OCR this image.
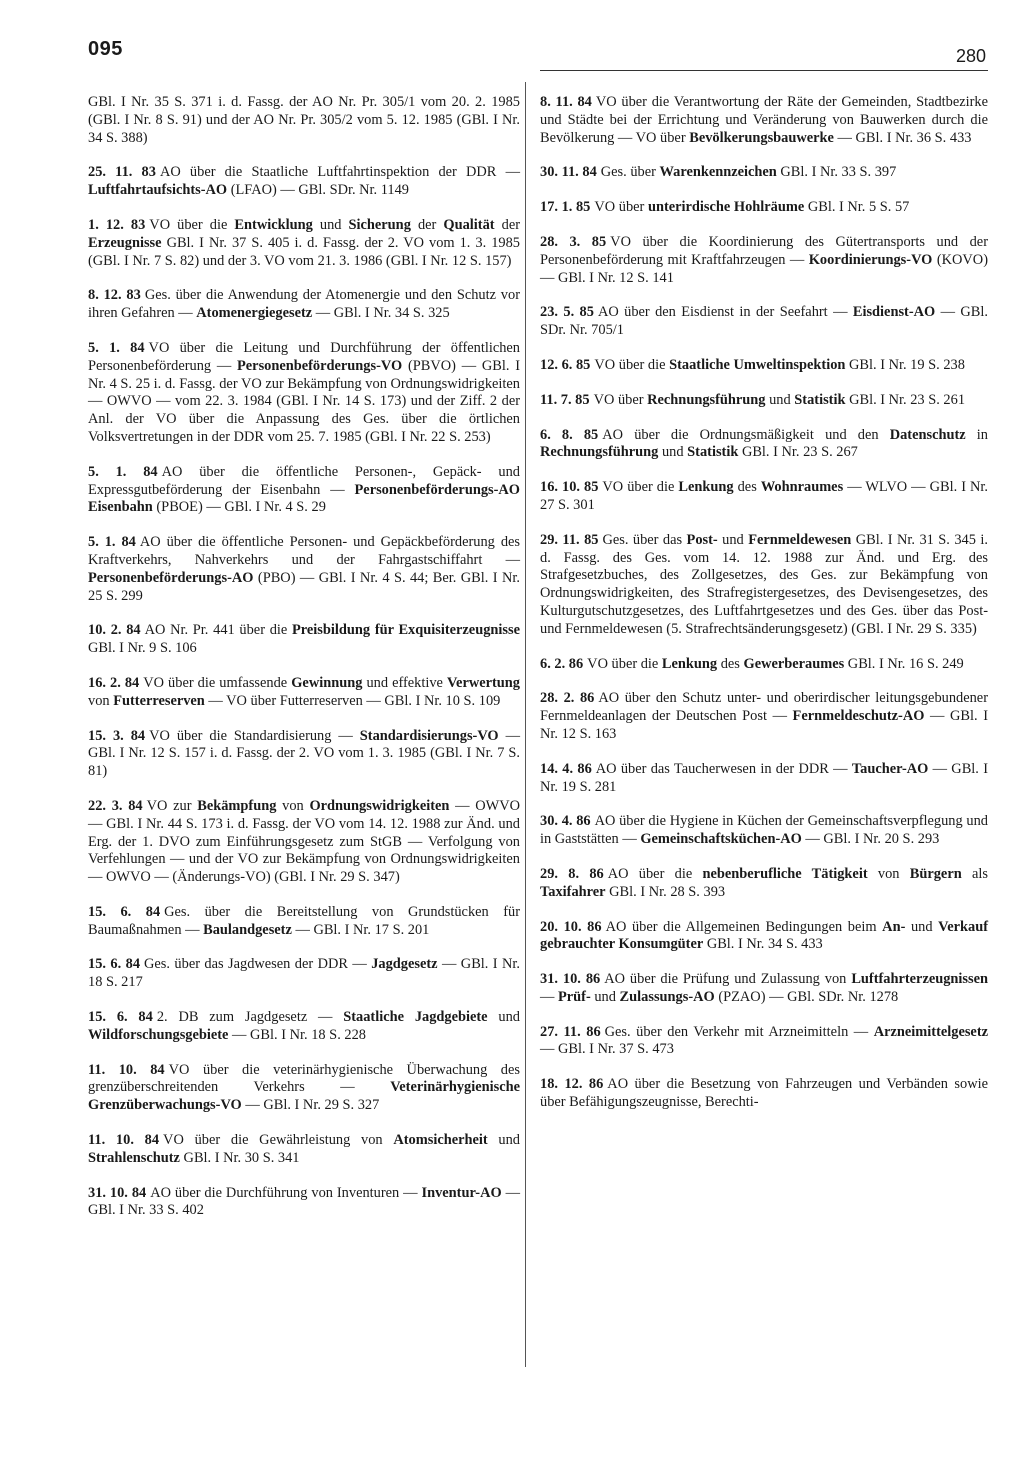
095	280

GBl. I Nr. 35 S. 371 i. d. Fassg. der AO Nr. Pr. 305/1 vom 20. 2. 1985 (GBl. I Nr. 8 S. 91) und der AO Nr. Pr. 305/2 vom 5. 12. 1985 (GBl. I Nr. 34 S. 388)

25. 11. 83 AO über die Staatliche Luftfahrtinspektion der DDR — Luftfahrtaufsichts-AO (LFAO) — GBl. SDr. Nr. 1149

1. 12. 83 VO über die Entwicklung und Sicherung der Qualität der Erzeugnisse GBl. I Nr. 37 S. 405 i. d. Fassg. der 2. VO vom 1. 3. 1985 (GBl. I Nr. 7 S. 82) und der 3. VO vom 21. 3. 1986 (GBl. I Nr. 12 S. 157)

8. 12. 83 Ges. über die Anwendung der Atomenergie und den Schutz vor ihren Gefahren — Atomenergiegesetz — GBl. I Nr. 34 S. 325

5. 1. 84 VO über die Leitung und Durchführung der öffentlichen Personenbeförderung — Personenbeförderungs-VO (PBVO) — GBl. I Nr. 4 S. 25 i. d. Fassg. der VO zur Bekämpfung von Ordnungswidrigkeiten — OWVO — vom 22. 3. 1984 (GBl. I Nr. 14 S. 173) und der Ziff. 2 der Anl. der VO über die Anpassung des Ges. über die örtlichen Volksvertretungen in der DDR vom 25. 7. 1985 (GBl. I Nr. 22 S. 253)

5. 1. 84 AO über die öffentliche Personen-, Gepäck- und Expressgutbeförderung der Eisenbahn — Personenbeförderungs-AO Eisenbahn (PBOE) — GBl. I Nr. 4 S. 29

5. 1. 84 AO über die öffentliche Personen- und Gepäckbeförderung des Kraftverkehrs, Nahverkehrs und der Fahrgastschiffahrt — Personenbeförderungs-AO (PBO) — GBl. I Nr. 4 S. 44; Ber. GBl. I Nr. 25 S. 299

10. 2. 84 AO Nr. Pr. 441 über die Preisbildung für Exquisiterzeugnisse GBl. I Nr. 9 S. 106

16. 2. 84 VO über die umfassende Gewinnung und effektive Verwertung von Futterreserven — VO über Futterreserven — GBl. I Nr. 10 S. 109

15. 3. 84 VO über die Standardisierung — Standardisierungs-VO — GBl. I Nr. 12 S. 157 i. d. Fassg. der 2. VO vom 1. 3. 1985 (GBl. I Nr. 7 S. 81)

22. 3. 84 VO zur Bekämpfung von Ordnungswidrigkeiten — OWVO — GBl. I Nr. 44 S. 173 i. d. Fassg. der VO vom 14. 12. 1988 zur Änd. und Erg. der 1. DVO zum Einführungsgesetz zum StGB — Verfolgung von Verfehlungen — und der VO zur Bekämpfung von Ordnungswidrigkeiten — OWVO — (Änderungs-VO) (GBl. I Nr. 29 S. 347)

15. 6. 84 Ges. über die Bereitstellung von Grundstücken für Baumaßnahmen — Baulandgesetz — GBl. I Nr. 17 S. 201

15. 6. 84 Ges. über das Jagdwesen der DDR — Jagdgesetz — GBl. I Nr. 18 S. 217

15. 6. 84 2. DB zum Jagdgesetz — Staatliche Jagdgebiete und Wildforschungsgebiete — GBl. I Nr. 18 S. 228

11. 10. 84 VO über die veterinärhygienische Überwachung des grenzüberschreitenden Verkehrs — Veterinärhygienische Grenzüberwachungs-VO — GBl. I Nr. 29 S. 327

11. 10. 84 VO über die Gewährleistung von Atomsicherheit und Strahlenschutz GBl. I Nr. 30 S. 341

31. 10. 84 AO über die Durchführung von Inventuren — Inventur-AO — GBl. I Nr. 33 S. 402

8. 11. 84 VO über die Verantwortung der Räte der Gemeinden, Stadtbezirke und Städte bei der Errichtung und Veränderung von Bauwerken durch die Bevölkerung — VO über Bevölkerungsbauwerke — GBl. I Nr. 36 S. 433

30. 11. 84 Ges. über Warenkennzeichen GBl. I Nr. 33 S. 397

17. 1. 85 VO über unterirdische Hohlräume GBl. I Nr. 5 S. 57

28. 3. 85 VO über die Koordinierung des Gütertransports und der Personenbeförderung mit Kraftfahrzeugen — Koordinierungs-VO (KOVO) — GBl. I Nr. 12 S. 141

23. 5. 85 AO über den Eisdienst in der Seefahrt — Eisdienst-AO — GBl. SDr. Nr. 705/1

12. 6. 85 VO über die Staatliche Umweltinspektion GBl. I Nr. 19 S. 238

11. 7. 85 VO über Rechnungsführung und Statistik GBl. I Nr. 23 S. 261

6. 8. 85 AO über die Ordnungsmäßigkeit und den Datenschutz in Rechnungsführung und Statistik GBl. I Nr. 23 S. 267

16. 10. 85 VO über die Lenkung des Wohnraumes — WLVO — GBl. I Nr. 27 S. 301

29. 11. 85 Ges. über das Post- und Fernmeldewesen GBl. I Nr. 31 S. 345 i. d. Fassg. des Ges. vom 14. 12. 1988 zur Änd. und Erg. des Strafgesetzbuches, des Zollgesetzes, des Ges. zur Bekämpfung von Ordnungswidrigkeiten, des Strafregistergesetzes, des Devisengesetzes, des Kulturgutschutzgesetzes, des Luftfahrtgesetzes und des Ges. über das Post- und Fernmeldewesen (5. Strafrechtsänderungsgesetz) (GBl. I Nr. 29 S. 335)

6. 2. 86 VO über die Lenkung des Gewerberaumes GBl. I Nr. 16 S. 249

28. 2. 86 AO über den Schutz unter- und oberirdischer leitungsgebundener Fernmeldeanlagen der Deutschen Post — Fernmeldeschutz-AO — GBl. I Nr. 12 S. 163

14. 4. 86 AO über das Taucherwesen in der DDR — Taucher-AO — GBl. I Nr. 19 S. 281

30. 4. 86 AO über die Hygiene in Küchen der Gemeinschaftsverpflegung und in Gaststätten — Gemeinschaftsküchen-AO — GBl. I Nr. 20 S. 293

29. 8. 86 AO über die nebenberufliche Tätigkeit von Bürgern als Taxifahrer GBl. I Nr. 28 S. 393

20. 10. 86 AO über die Allgemeinen Bedingungen beim An- und Verkauf gebrauchter Konsumgüter GBl. I Nr. 34 S. 433

31. 10. 86 AO über die Prüfung und Zulassung von Luftfahrterzeugnissen — Prüf- und Zulassungs-AO (PZAO) — GBl. SDr. Nr. 1278

27. 11. 86 Ges. über den Verkehr mit Arzneimitteln — Arzneimittelgesetz — GBl. I Nr. 37 S. 473

18. 12. 86 AO über die Besetzung von Fahrzeugen und Verbänden sowie über Befähigungszeugnisse, Berechti-
